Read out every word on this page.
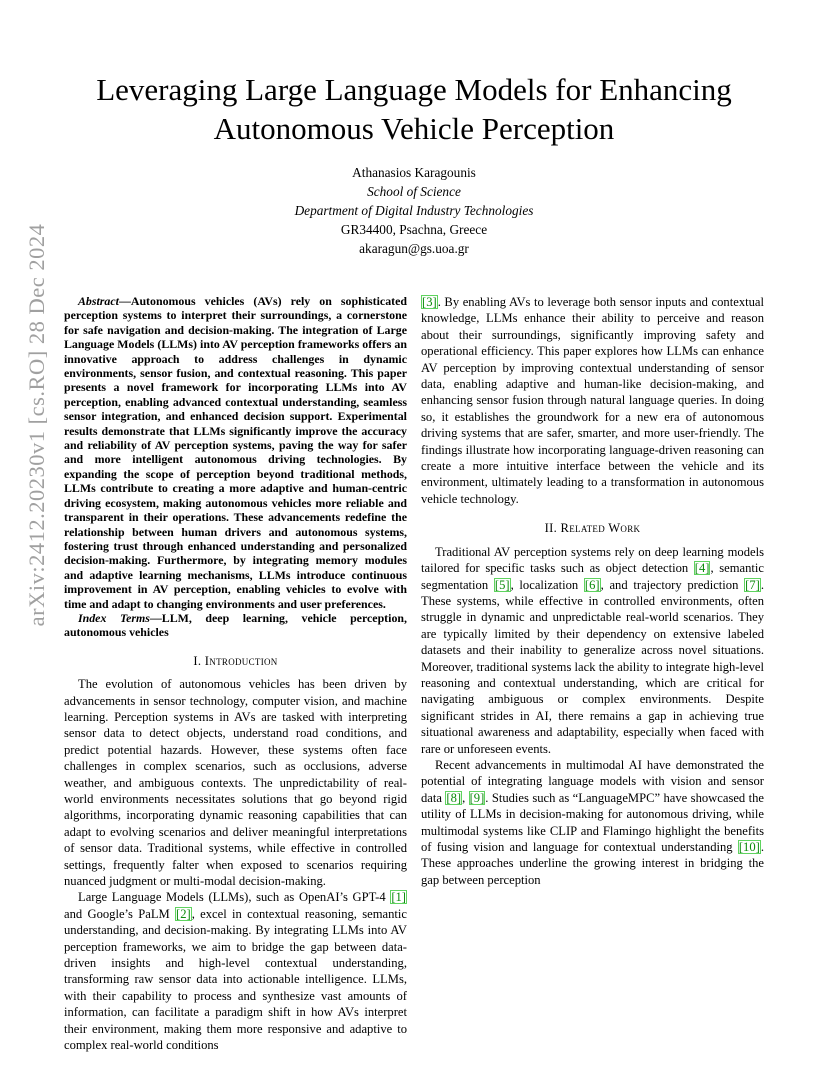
arXiv:2412.20230v1 [cs.RO] 28 Dec 2024
Leveraging Large Language Models for Enhancing Autonomous Vehicle Perception
Athanasios Karagounis
School of Science
Department of Digital Industry Technologies
GR34400, Psachna, Greece
akaragun@gs.uoa.gr

Abstract—Autonomous vehicles (AVs) rely on sophisticated perception systems to interpret their surroundings, a cornerstone for safe navigation and decision-making. The integration of Large Language Models (LLMs) into AV perception frameworks offers an innovative approach to address challenges in dynamic environments, sensor fusion, and contextual reasoning. This paper presents a novel framework for incorporating LLMs into AV perception, enabling advanced contextual understanding, seamless sensor integration, and enhanced decision support. Experimental results demonstrate that LLMs significantly improve the accuracy and reliability of AV perception systems, paving the way for safer and more intelligent autonomous driving technologies. By expanding the scope of perception beyond traditional methods, LLMs contribute to creating a more adaptive and human-centric driving ecosystem, making autonomous vehicles more reliable and transparent in their operations. These advancements redefine the relationship between human drivers and autonomous systems, fostering trust through enhanced understanding and personalized decision-making. Furthermore, by integrating memory modules and adaptive learning mechanisms, LLMs introduce continuous improvement in AV perception, enabling vehicles to evolve with time and adapt to changing environments and user preferences.

Index Terms—LLM, deep learning, vehicle perception, autonomous vehicles

I. Introduction

The evolution of autonomous vehicles has been driven by advancements in sensor technology, computer vision, and machine learning. Perception systems in AVs are tasked with interpreting sensor data to detect objects, understand road conditions, and predict potential hazards. However, these systems often face challenges in complex scenarios, such as occlusions, adverse weather, and ambiguous contexts. The unpredictability of real-world environments necessitates solutions that go beyond rigid algorithms, incorporating dynamic reasoning capabilities that can adapt to evolving scenarios and deliver meaningful interpretations of sensor data. Traditional systems, while effective in controlled settings, frequently falter when exposed to scenarios requiring nuanced judgment or multi-modal decision-making.

Large Language Models (LLMs), such as OpenAI’s GPT-4 [1] and Google’s PaLM [2], excel in contextual reasoning, semantic understanding, and decision-making. By integrating LLMs into AV perception frameworks, we aim to bridge the gap between data-driven insights and high-level contextual understanding, transforming raw sensor data into actionable intelligence. LLMs, with their capability to process and synthesize vast amounts of information, can facilitate a paradigm shift in how AVs interpret their environment, making them more responsive and adaptive to complex real-world conditions

[3]. By enabling AVs to leverage both sensor inputs and contextual knowledge, LLMs enhance their ability to perceive and reason about their surroundings, significantly improving safety and operational efficiency. This paper explores how LLMs can enhance AV perception by improving contextual understanding of sensor data, enabling adaptive and human-like decision-making, and enhancing sensor fusion through natural language queries. In doing so, it establishes the groundwork for a new era of autonomous driving systems that are safer, smarter, and more user-friendly. The findings illustrate how incorporating language-driven reasoning can create a more intuitive interface between the vehicle and its environment, ultimately leading to a transformation in autonomous vehicle technology.

II. Related Work

Traditional AV perception systems rely on deep learning models tailored for specific tasks such as object detection [4], semantic segmentation [5], localization [6], and trajectory prediction [7]. These systems, while effective in controlled environments, often struggle in dynamic and unpredictable real-world scenarios. They are typically limited by their dependency on extensive labeled datasets and their inability to generalize across novel situations. Moreover, traditional systems lack the ability to integrate high-level reasoning and contextual understanding, which are critical for navigating ambiguous or complex environments. Despite significant strides in AI, there remains a gap in achieving true situational awareness and adaptability, especially when faced with rare or unforeseen events.

Recent advancements in multimodal AI have demonstrated the potential of integrating language models with vision and sensor data [8], [9]. Studies such as “LanguageMPC” have showcased the utility of LLMs in decision-making for autonomous driving, while multimodal systems like CLIP and Flamingo highlight the benefits of fusing vision and language for contextual understanding [10]. These approaches underline the growing interest in bridging the gap between perception
